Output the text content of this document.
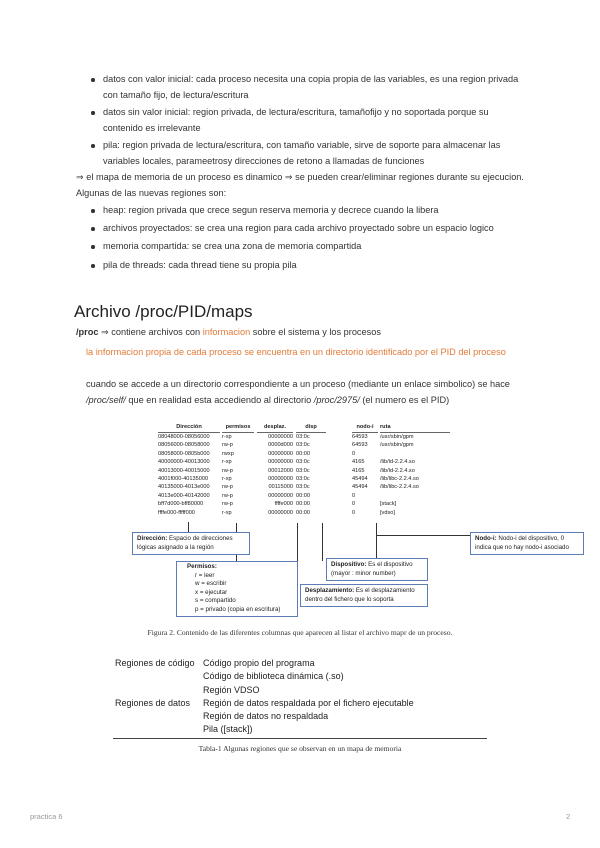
datos con valor inicial: cada proceso necesita una copia propia de las variables, es una region privada con tamaño fijo, de lectura/escritura
datos sin valor inicial: region privada, de lectura/escritura, tamañofijo y no soportada porque su contenido es irrelevante
pila: region privada de lectura/escritura, con tamaño variable, sirve de soporte para almacenar las variables locales, parameetrosy direcciones de retono a llamadas de funciones
⇒ el mapa de memoria de un proceso es dinamico ⇒ se pueden crear/eliminar regiones durante su ejecucion. Algunas de las nuevas regiones son:
heap: region privada que crece segun reserva memoria y decrece cuando la libera
archivos proyectados: se crea una region para cada archivo proyectado sobre un espacio logico
memoria compartida: se crea una zona de memoria compartida
pila de threads: cada thread tiene su propia pila
Archivo /proc/PID/maps
/proc ⇒ contiene archivos con informacion sobre el sistema y los procesos
la informacion propia de cada proceso se encuentra en un directorio identificado por el PID del proceso
cuando se accede a un directorio correspondiente a un proceso (mediante un enlace simbolico) se hace /proc/self/ que en realidad esta accediendo al directorio /proc/2975/ (el numero es el PID)
Dirección
08048000-08056000
08056000-08058000
08058000-0805b000
40000000-40013000
40013000-40015000
4001f000-40135000
40135000-4013e000
4013e000-40142000
bff7d000-bff80000
ffffe000-fffff000
permisos
r-xp
rw-p
rwxp
r-xp
rw-p
r-xp
rw-p
rw-p
rw-p
r-xp
desplaz.
00000000
0000d000
00000000
00000000
00012000
00000000
00115000
00000000
ffffe000
00000000
disp
03:0c
03:0c
00:00
03:0c
03:0c
03:0c
03:0c
00:00
00:00
00:00
nodo-i
64593
64593
0
4165
4165
45494
45494
0
0
0
ruta
/usr/sbin/gpm
/usr/sbin/gpm
/lib/ld-2.2.4.so
/lib/ld-2.2.4.so
/lib/libc-2.2.4.so
/lib/libc-2.2.4.so
[stack]
[vdso]
Dirección: Espacio de direcciones lógicas asignado a la región
Nodo-i: Nodo-i del dispositivo, 0 indica que no hay nodo-i asociado
Permisos:
r = leer
w = escribir
x = ejecutar
s = compartido
p = privado (copia en escritura)
Dispositivo: Es el dispositivo (mayor : minor number)
Desplazamiento: Es el desplazamiento dentro del fichero que lo soporta
Figura 2. Contenido de las diferentes columnas que aparecen al listar el archivo mapr de un proceso.
Regiones de código Código propio del programa
Código de biblioteca dinámica (.so)
Región VDSO
Regiones de datos	Región de datos respaldada por el fichero ejecutable
Región de datos no respaldada
Pila ([stack])
Tabla-1 Algunas regiones que se observan en un mapa de memoria
practica 6	2
